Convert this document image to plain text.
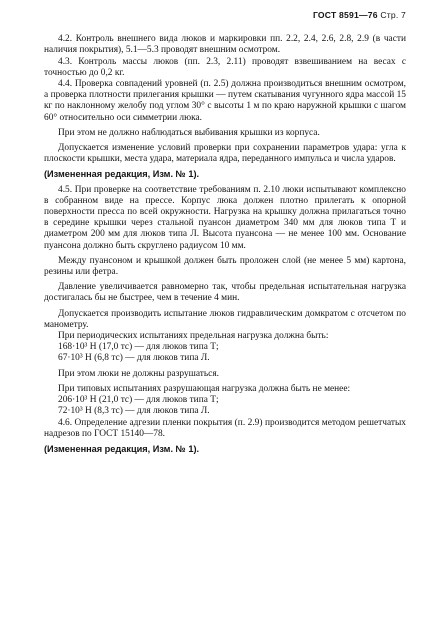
ГОСТ 8591—76 Стр. 7

4.2. Контроль внешнего вида люков и маркировки пп. 2.2, 2.4, 2.6, 2.8, 2.9 (в части наличия покрытия), 5.1—5.3 проводят внешним осмотром.

4.3. Контроль массы люков (пп. 2.3, 2.11) проводят взвешиванием на весах с точностью до 0,2 кг.

4.4. Проверка совпадений уровней (п. 2.5) должна производиться внешним осмотром, а проверка плотности прилегания крышки — путем скатывания чугунного ядра массой 15 кг по наклонному желобу под углом 30° с высоты 1 м по краю наружной крышки с шагом 60° относительно оси симметрии люка.

При этом не должно наблюдаться выбивания крышки из корпуса.

Допускается изменение условий проверки при сохранении параметров удара: угла к плоскости крышки, места удара, материала ядра, переданного импульса и числа ударов.

(Измененная редакция, Изм. № 1).

4.5. При проверке на соответствие требованиям п. 2.10 люки испытывают комплексно в собранном виде на прессе. Корпус люка должен плотно прилегать к опорной поверхности пресса по всей окружности. Нагрузка на крышку должна прилагаться точно в середине крышки через стальной пуансон диаметром 340 мм для люков типа Т и диаметром 200 мм для люков типа Л. Высота пуансона — не менее 100 мм. Основание пуансона должно быть скруглено радиусом 10 мм.

Между пуансоном и крышкой должен быть проложен слой (не менее 5 мм) картона, резины или фетра.

Давление увеличивается равномерно так, чтобы предельная испытательная нагрузка достигалась бы не быстрее, чем в течение 4 мин.

Допускается производить испытание люков гидравлическим домкратом с отсчетом по манометру.

При периодических испытаниях предельная нагрузка должна быть:

168·10³ Н (17,0 тс) — для люков типа Т;

67·10³ Н (6,8 тс) — для люков типа Л.

При этом люки не должны разрушаться.

При типовых испытаниях разрушающая нагрузка должна быть не менее:

206·10³ Н (21,0 тс) — для люков типа Т;

72·10³ Н (8,3 тс) — для люков типа Л.

4.6. Определение адгезии пленки покрытия (п. 2.9) производится методом решетчатых надрезов по ГОСТ 15140—78.

(Измененная редакция, Изм. № 1).
